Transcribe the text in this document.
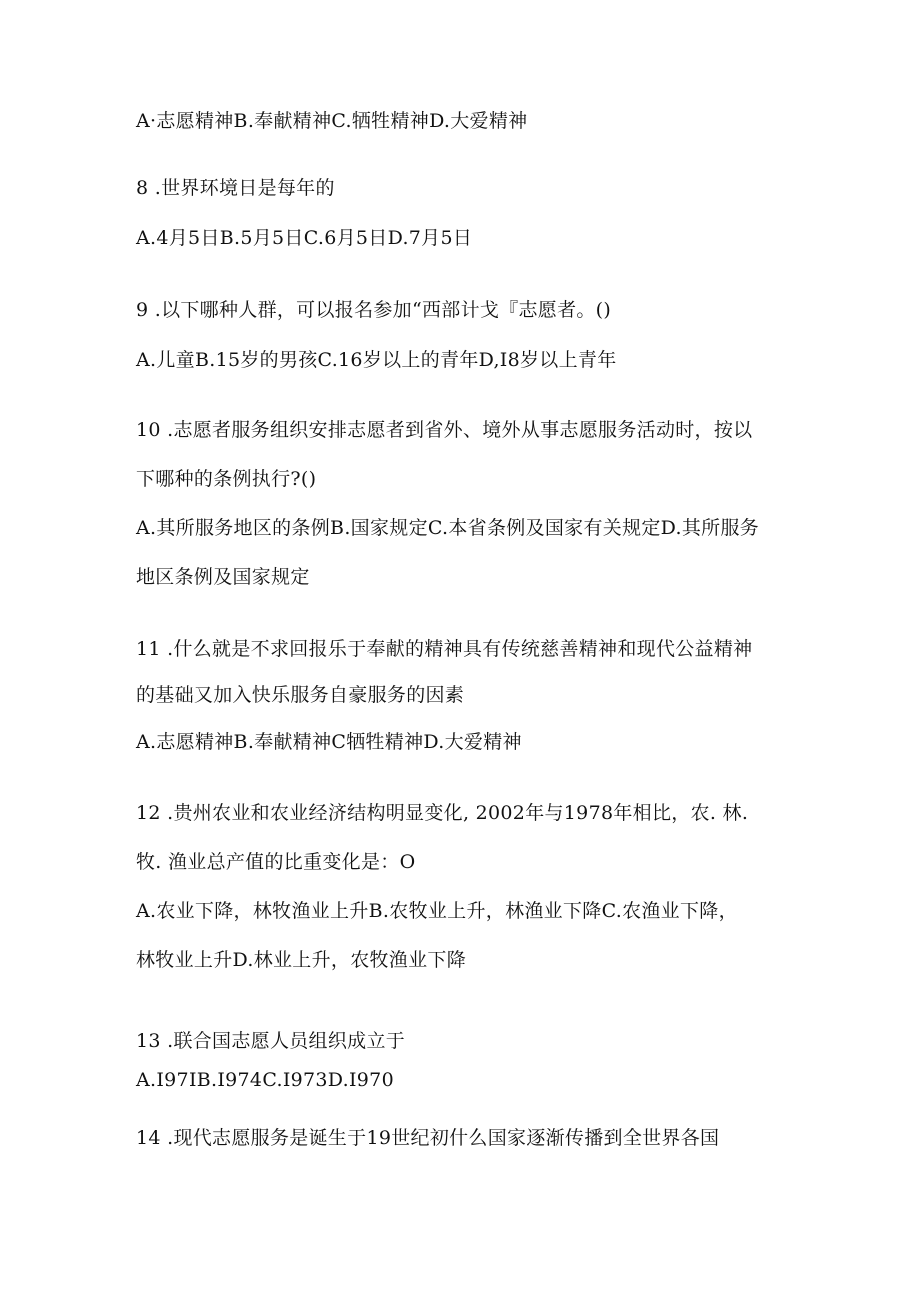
A·志愿精神B.奉献精神C.牺牲精神D.大爱精神
8 .世界环境日是每年的
A.4月5日B.5月5日C.6月5日D.7月5日
9 .以下哪种人群，可以报名参加“西部计戈『志愿者。()
A.儿童B.15岁的男孩C.16岁以上的青年D,I8岁以上青年
10 .志愿者服务组织安排志愿者到省外、境外从事志愿服务活动时，按以
下哪种的条例执行?()
A.其所服务地区的条例B.国家规定C.本省条例及国家有关规定D.其所服务
地区条例及国家规定
11 .什么就是不求回报乐于奉献的精神具有传统慈善精神和现代公益精神
的基础又加入快乐服务自豪服务的因素
A.志愿精神B.奉献精神C牺牲精神D.大爱精神
12 .贵州农业和农业经济结构明显变化, 2002年与1978年相比，农. 林.
牧. 渔业总产值的比重变化是：O
A.农业下降，林牧渔业上升B.农牧业上升，林渔业下降C.农渔业下降，
林牧业上升D.林业上升，农牧渔业下降
13 .联合国志愿人员组织成立于
A.I97IB.I974C.I973D.I970
14 .现代志愿服务是诞生于19世纪初什么国家逐渐传播到全世界各国
